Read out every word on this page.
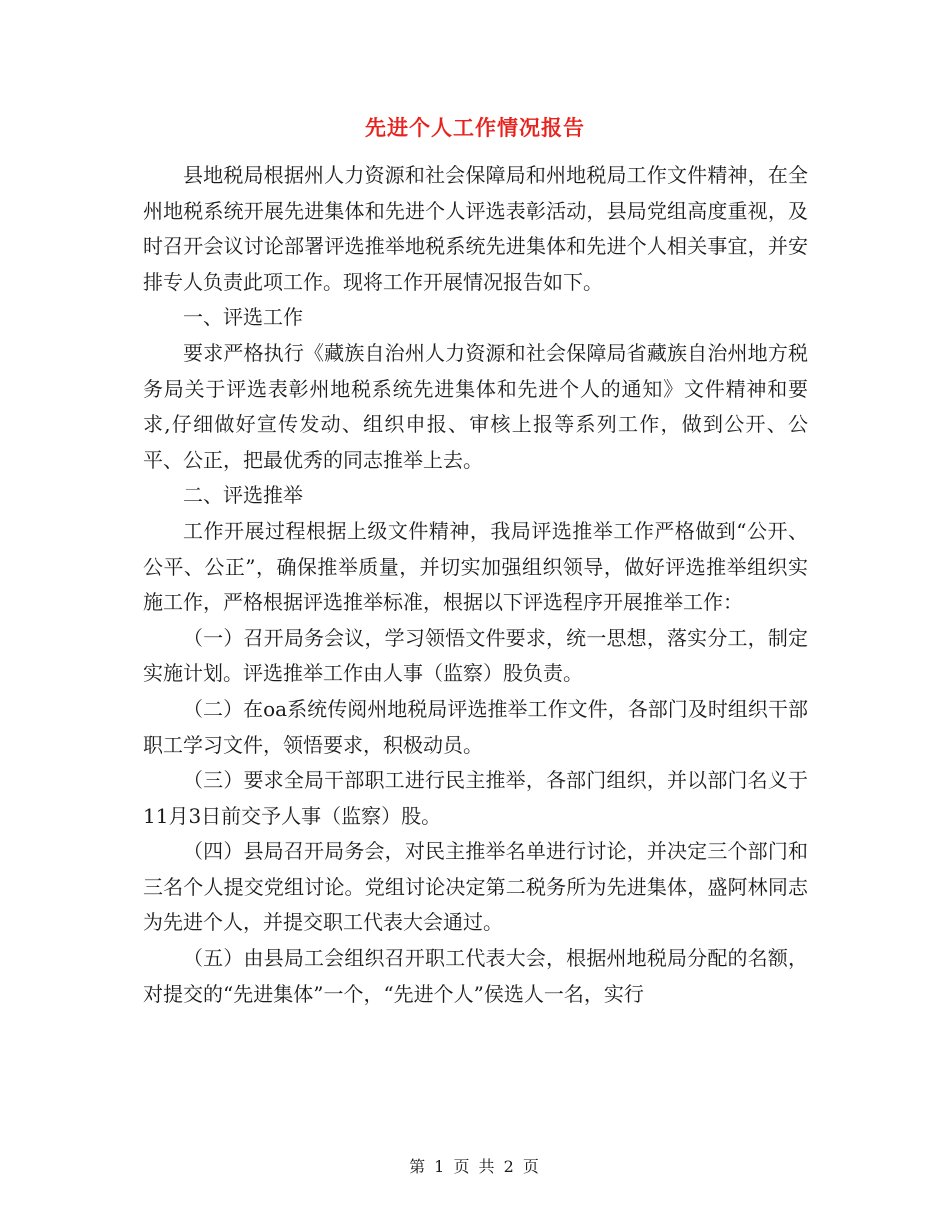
先进个人工作情况报告

县地税局根据州人力资源和社会保障局和州地税局工作文件精神，在全州地税系统开展先进集体和先进个人评选表彰活动，县局党组高度重视，及时召开会议讨论部署评选推举地税系统先进集体和先进个人相关事宜，并安排专人负责此项工作。现将工作开展情况报告如下。

一、评选工作

要求严格执行《藏族自治州人力资源和社会保障局省藏族自治州地方税务局关于评选表彰州地税系统先进集体和先进个人的通知》文件精神和要求,仔细做好宣传发动、组织申报、审核上报等系列工作，做到公开、公平、公正，把最优秀的同志推举上去。

二、评选推举

工作开展过程根据上级文件精神，我局评选推举工作严格做到“公开、公平、公正”，确保推举质量，并切实加强组织领导，做好评选推举组织实施工作，严格根据评选推举标准，根据以下评选程序开展推举工作：

（一）召开局务会议，学习领悟文件要求，统一思想，落实分工，制定实施计划。评选推举工作由人事（监察）股负责。

（二）在oa系统传阅州地税局评选推举工作文件，各部门及时组织干部职工学习文件，领悟要求，积极动员。

（三）要求全局干部职工进行民主推举，各部门组织，并以部门名义于11月3日前交予人事（监察）股。

（四）县局召开局务会，对民主推举名单进行讨论，并决定三个部门和三名个人提交党组讨论。党组讨论决定第二税务所为先进集体，盛阿林同志为先进个人，并提交职工代表大会通过。

（五）由县局工会组织召开职工代表大会，根据州地税局分配的名额，对提交的“先进集体”一个，“先进个人”侯选人一名，实行

第 1 页 共 2 页
